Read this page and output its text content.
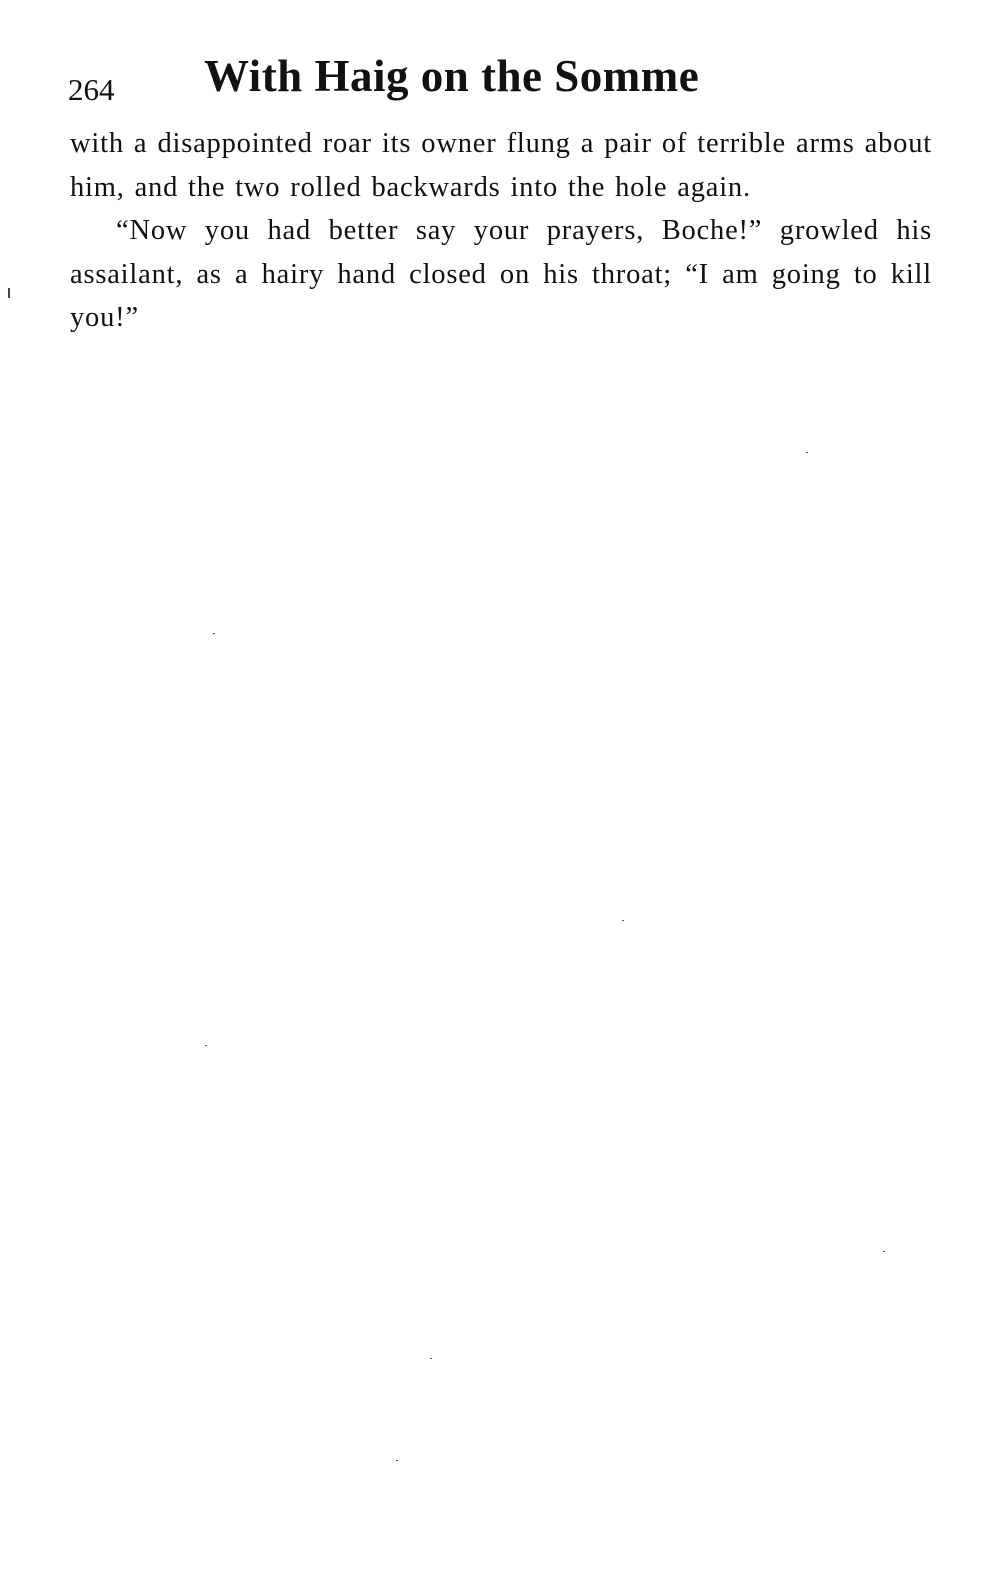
264 With Haig on the Somme

with a disappointed roar its owner flung a pair of terrible arms about him, and the two rolled backwards into the hole again.

“Now you had better say your prayers, Boche!” growled his assailant, as a hairy hand closed on his throat; “I am going to kill you!”
